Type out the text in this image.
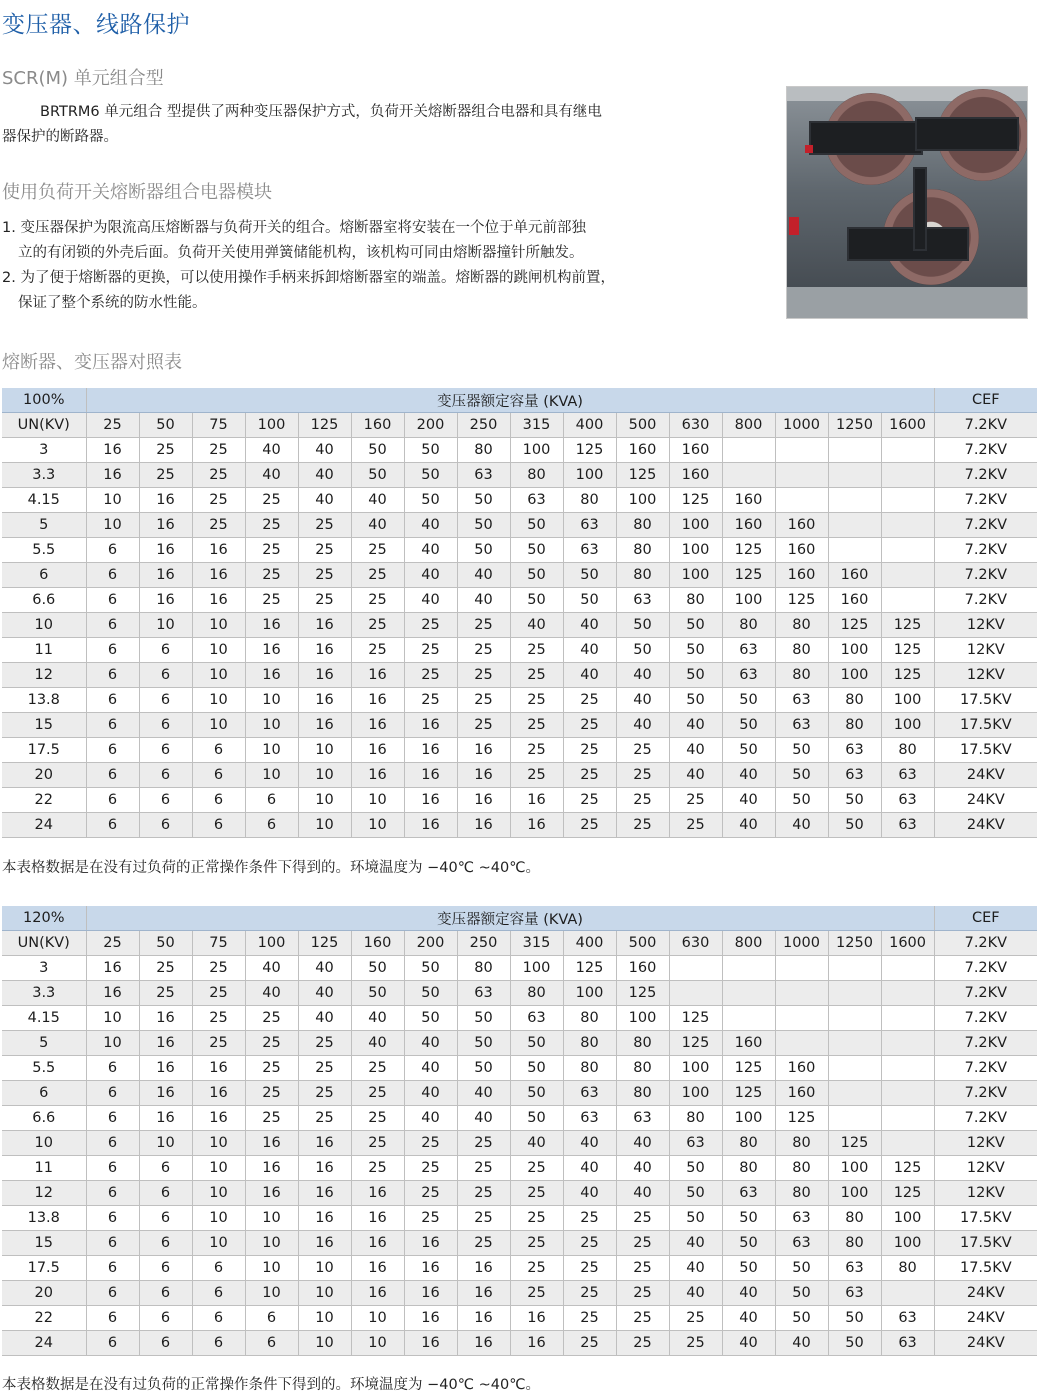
变压器、线路保护
SCR(M) 单元组合型
BRTRM6 单元组合 型提供了两种变压器保护方式，负荷开关熔断器组合电器和具有继电
器保护的断路器。
使用负荷开关熔断器组合电器模块
1. 变压器保护为限流高压熔断器与负荷开关的组合。熔断器室将安装在一个位于单元前部独
立的有闭锁的外壳后面。负荷开关使用弹簧储能机构，该机构可同由熔断器撞针所触发。
2. 为了便于熔断器的更换，可以使用操作手柄来拆卸熔断器室的端盖。熔断器的跳闸机构前置，
保证了整个系统的防水性能。
熔断器、变压器对照表
100%	变压器额定容量 (KVA)																CEF
UN(KV)	25	50	75	100	125	160	200	250	315	400	500	630	800	1000	1250	1600	7.2KV
3	16	25	25	40	40	50	50	80	100	125	160	160					7.2KV
3.3	16	25	25	40	40	50	50	63	80	100	125	160					7.2KV
4.15	10	16	25	25	40	40	50	50	63	80	100	125	160				7.2KV
5	10	16	25	25	25	40	40	50	50	63	80	100	160	160			7.2KV
5.5	6	16	16	25	25	25	40	50	50	63	80	100	125	160			7.2KV
6	6	16	16	25	25	25	40	40	50	50	80	100	125	160	160		7.2KV
6.6	6	16	16	25	25	25	40	40	50	50	63	80	100	125	160		7.2KV
10	6	10	10	16	16	25	25	25	40	40	50	50	80	80	125	125	12KV
11	6	6	10	16	16	25	25	25	25	40	50	50	63	80	100	125	12KV
12	6	6	10	16	16	16	25	25	25	40	40	50	63	80	100	125	12KV
13.8	6	6	10	10	16	16	25	25	25	25	40	50	50	63	80	100	17.5KV
15	6	6	10	10	16	16	16	25	25	25	40	40	50	63	80	100	17.5KV
17.5	6	6	6	10	10	16	16	16	25	25	25	40	50	50	63	80	17.5KV
20	6	6	6	10	10	16	16	16	25	25	25	40	40	50	63	63	24KV
22	6	6	6	6	10	10	16	16	16	25	25	25	40	50	50	63	24KV
24	6	6	6	6	10	10	16	16	16	25	25	25	40	40	50	63	24KV
本表格数据是在没有过负荷的正常操作条件下得到的。环境温度为 −40℃ ~40℃。
120%	变压器额定容量 (KVA)																CEF
UN(KV)	25	50	75	100	125	160	200	250	315	400	500	630	800	1000	1250	1600	7.2KV
3	16	25	25	40	40	50	50	80	100	125	160						7.2KV
3.3	16	25	25	40	40	50	50	63	80	100	125						7.2KV
4.15	10	16	25	25	40	40	50	50	63	80	100	125					7.2KV
5	10	16	25	25	25	40	40	50	50	80	80	125	160				7.2KV
5.5	6	16	16	25	25	25	40	50	50	80	80	100	125	160			7.2KV
6	6	16	16	25	25	25	40	40	50	63	80	100	125	160			7.2KV
6.6	6	16	16	25	25	25	40	40	50	63	63	80	100	125			7.2KV
10	6	10	10	16	16	25	25	25	40	40	40	63	80	80	125		12KV
11	6	6	10	16	16	25	25	25	25	40	40	50	80	80	100	125	12KV
12	6	6	10	16	16	16	25	25	25	40	40	50	63	80	100	125	12KV
13.8	6	6	10	10	16	16	25	25	25	25	25	50	50	63	80	100	17.5KV
15	6	6	10	10	16	16	16	25	25	25	25	40	50	63	80	100	17.5KV
17.5	6	6	6	10	10	16	16	16	25	25	25	40	50	50	63	80	17.5KV
20	6	6	6	10	10	16	16	16	25	25	25	40	40	50	63		24KV
22	6	6	6	6	10	10	16	16	16	25	25	25	40	50	50	63	24KV
24	6	6	6	6	10	10	16	16	16	25	25	25	40	40	50	63	24KV
本表格数据是在没有过负荷的正常操作条件下得到的。环境温度为 −40℃ ~40℃。
